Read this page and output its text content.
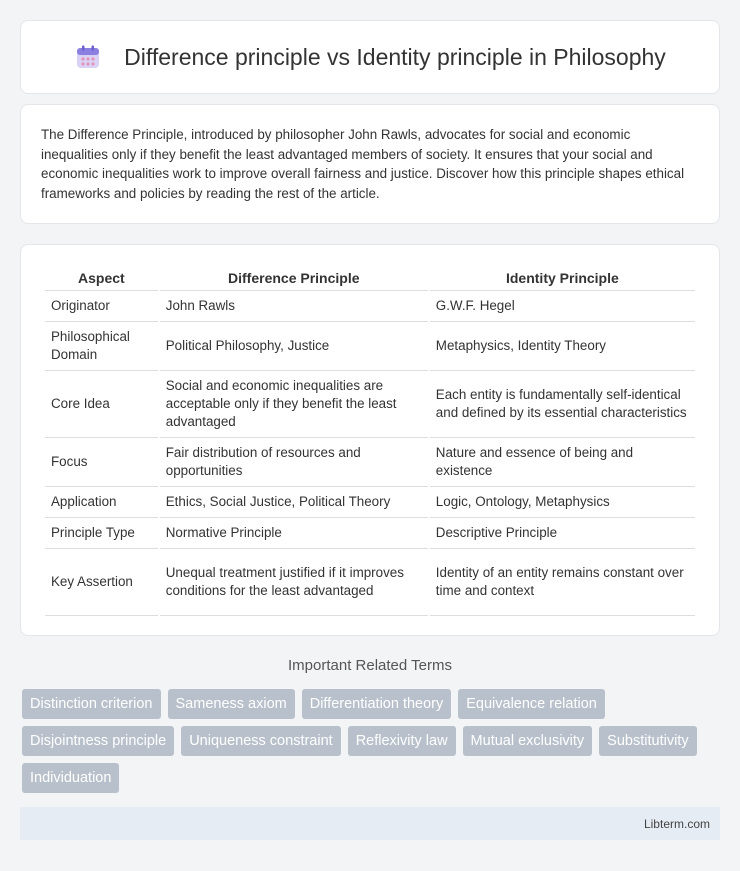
Difference principle vs Identity principle in Philosophy

The Difference Principle, introduced by philosopher John Rawls, advocates for social and economic inequalities only if they benefit the least advantaged members of society. It ensures that your social and economic inequalities work to improve overall fairness and justice. Discover how this principle shapes ethical frameworks and policies by reading the rest of the article.

Aspect	Difference Principle	Identity Principle
Originator	John Rawls	G.W.F. Hegel
Philosophical Domain	Political Philosophy, Justice	Metaphysics, Identity Theory
Core Idea	Social and economic inequalities are acceptable only if they benefit the least advantaged	Each entity is fundamentally self-identical and defined by its essential characteristics
Focus	Fair distribution of resources and opportunities	Nature and essence of being and existence
Application	Ethics, Social Justice, Political Theory	Logic, Ontology, Metaphysics
Principle Type	Normative Principle	Descriptive Principle
Key Assertion	Unequal treatment justified if it improves conditions for the least advantaged	Identity of an entity remains constant over time and context
Important Related Terms
Distinction criterion	Sameness axiom	Differentiation theory	Equivalence relation
Disjointness principle	Uniqueness constraint	Reflexivity law	Mutual exclusivity	Substitutivity
Individuation
Libterm.com
